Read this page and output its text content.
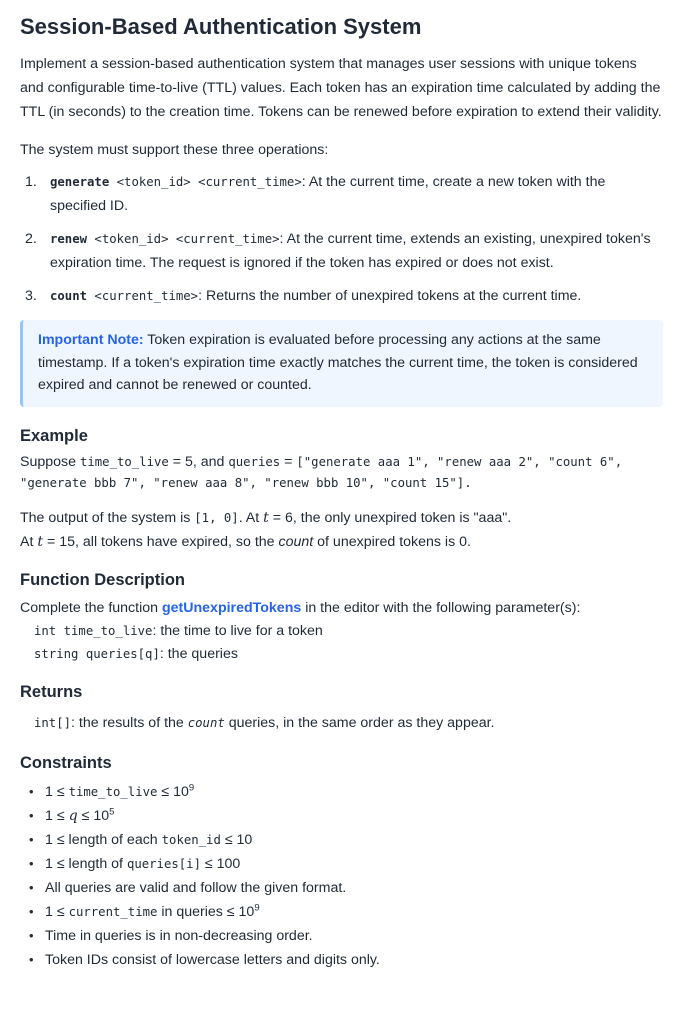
Session-Based Authentication System

Implement a session-based authentication system that manages user sessions with unique tokens and configurable time-to-live (TTL) values. Each token has an expiration time calculated by adding the TTL (in seconds) to the creation time. Tokens can be renewed before expiration to extend their validity.

The system must support these three operations:

1.	generate <token_id> <current_time>: At the current time, create a new token with the specified ID.
2.	renew <token_id> <current_time>: At the current time, extends an existing, unexpired token's expiration time. The request is ignored if the token has expired or does not exist.
3.	count <current_time>: Returns the number of unexpired tokens at the current time.
Important Note: Token expiration is evaluated before processing any actions at the same timestamp. If a token's expiration time exactly matches the current time, the token is considered expired and cannot be renewed or counted.
Example

Suppose time_to_live = 5, and queries = ["generate aaa 1", "renew aaa 2", "count 6", "generate bbb 7", "renew aaa 8", "renew bbb 10", "count 15"].

The output of the system is [1, 0]. At t = 6, the only unexpired token is "aaa".

At t = 15, all tokens have expired, so the count of unexpired tokens is 0.

Function Description

Complete the function getUnexpiredTokens in the editor with the following parameter(s):

int time_to_live: the time to live for a token
string queries[q]: the queries
Returns
int[]: the results of the count queries, in the same order as they appear.
Constraints
• 1 ≤ time_to_live ≤ $10^9$
• $1 \le q \le 10^5$
• 1 ≤ length of each token_id ≤ 10
• 1 ≤ length of queries[i] ≤ 100
• All queries are valid and follow the given format.
• 1 ≤ current_time in queries ≤ $10^9$
• Time in queries is in non-decreasing order.
• Token IDs consist of lowercase letters and digits only.
